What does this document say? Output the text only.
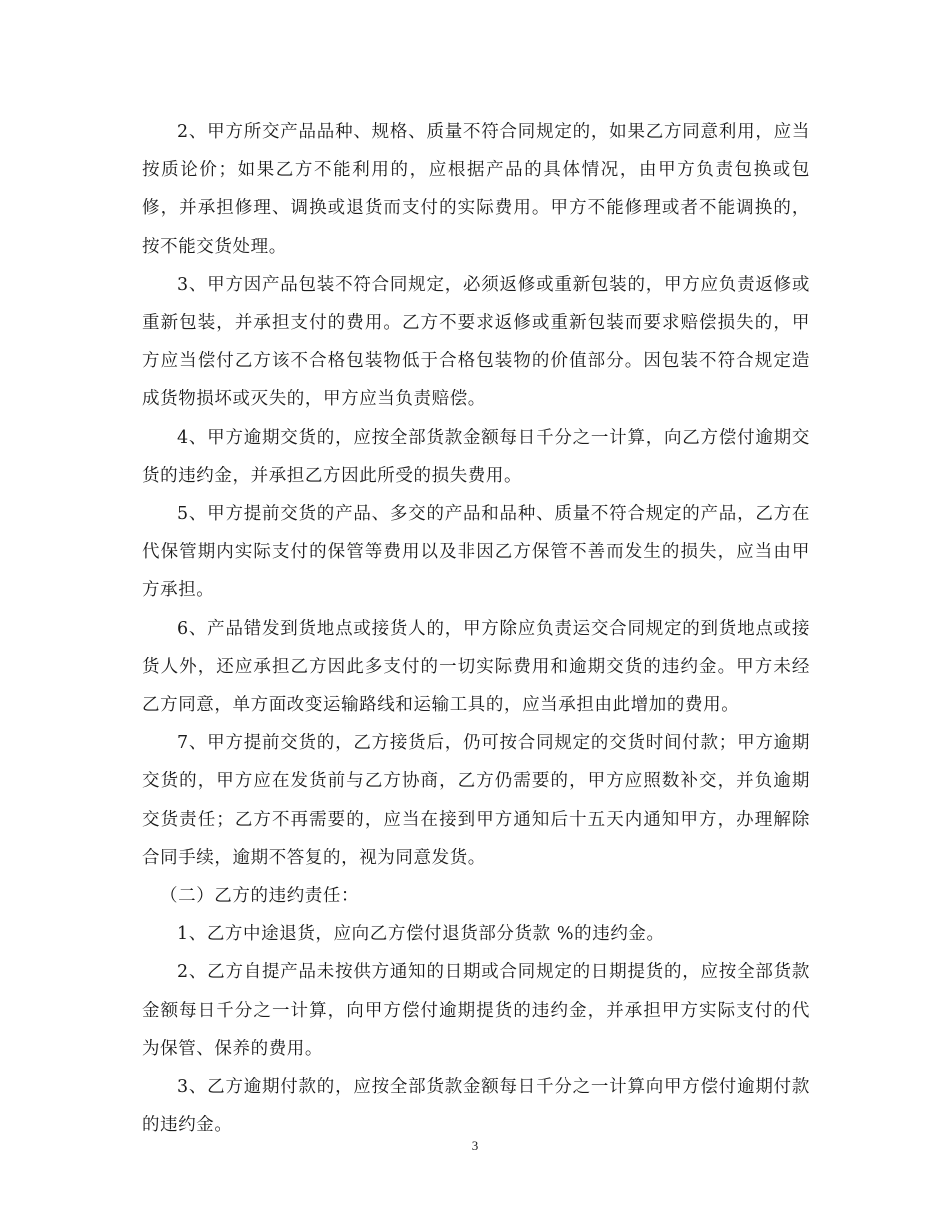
2、甲方所交产品品种、规格、质量不符合同规定的，如果乙方同意利用，应当按质论价；如果乙方不能利用的，应根据产品的具体情况，由甲方负责包换或包修，并承担修理、调换或退货而支付的实际费用。甲方不能修理或者不能调换的，按不能交货处理。

3、甲方因产品包装不符合同规定，必须返修或重新包装的，甲方应负责返修或重新包装，并承担支付的费用。乙方不要求返修或重新包装而要求赔偿损失的，甲方应当偿付乙方该不合格包装物低于合格包装物的价值部分。因包装不符合规定造成货物损坏或灭失的，甲方应当负责赔偿。

4、甲方逾期交货的，应按全部货款金额每日千分之一计算，向乙方偿付逾期交货的违约金，并承担乙方因此所受的损失费用。

5、甲方提前交货的产品、多交的产品和品种、质量不符合规定的产品，乙方在代保管期内实际支付的保管等费用以及非因乙方保管不善而发生的损失，应当由甲方承担。

6、产品错发到货地点或接货人的，甲方除应负责运交合同规定的到货地点或接货人外，还应承担乙方因此多支付的一切实际费用和逾期交货的违约金。甲方未经乙方同意，单方面改变运输路线和运输工具的，应当承担由此增加的费用。

7、甲方提前交货的，乙方接货后，仍可按合同规定的交货时间付款；甲方逾期交货的，甲方应在发货前与乙方协商，乙方仍需要的，甲方应照数补交，并负逾期交货责任；乙方不再需要的，应当在接到甲方通知后十五天内通知甲方，办理解除合同手续，逾期不答复的，视为同意发货。

（二）乙方的违约责任：

1、乙方中途退货，应向乙方偿付退货部分货款 %的违约金。

2、乙方自提产品未按供方通知的日期或合同规定的日期提货的，应按全部货款金额每日千分之一计算，向甲方偿付逾期提货的违约金，并承担甲方实际支付的代为保管、保养的费用。

3、乙方逾期付款的，应按全部货款金额每日千分之一计算向甲方偿付逾期付款的违约金。

3
